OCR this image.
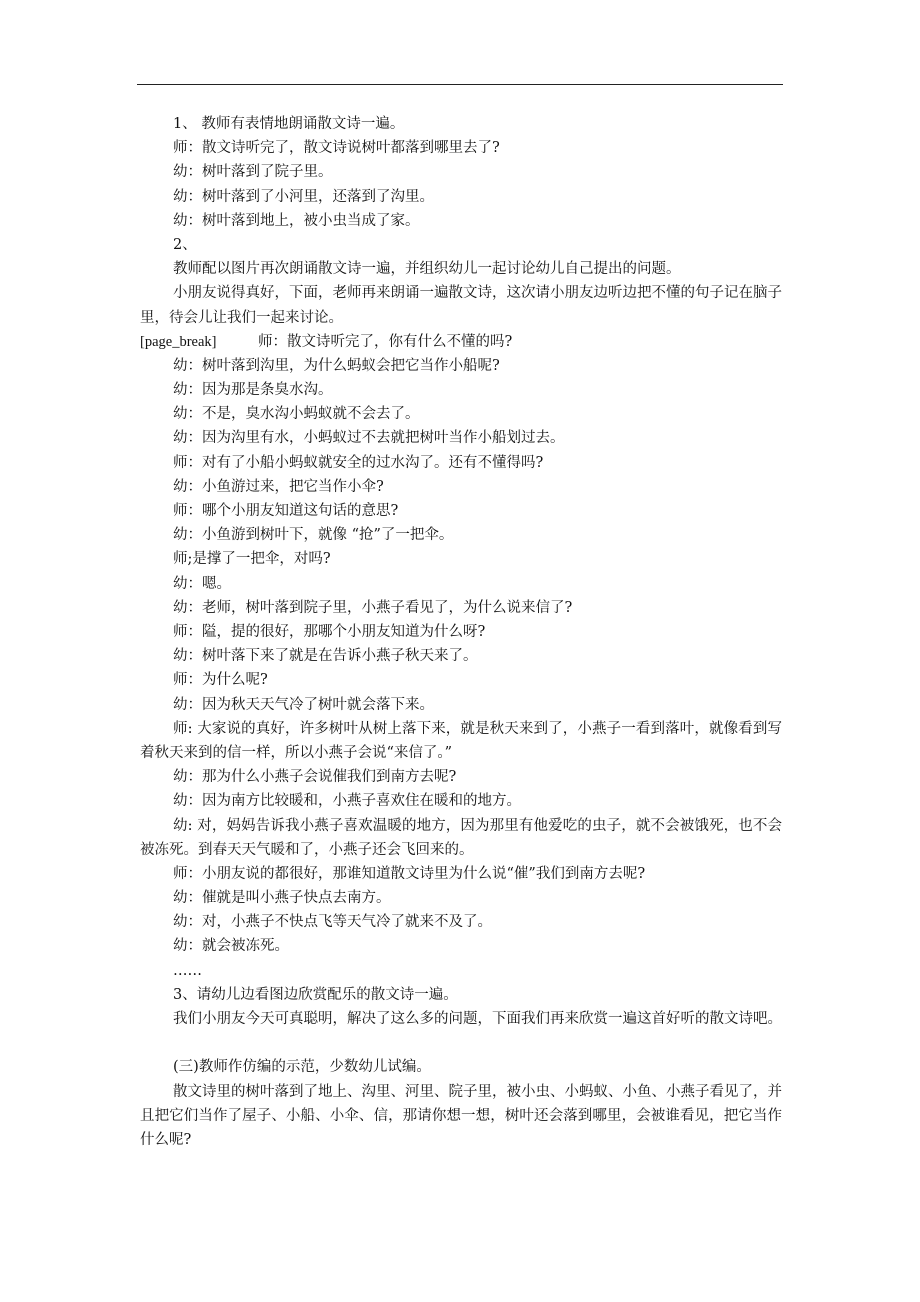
1、 教师有表情地朗诵散文诗一遍。
师：散文诗听完了，散文诗说树叶都落到哪里去了?
幼：树叶落到了院子里。
幼：树叶落到了小河里，还落到了沟里。
幼：树叶落到地上，被小虫当成了家。
2、
教师配以图片再次朗诵散文诗一遍，并组织幼儿一起讨论幼儿自己提出的问题。
小朋友说得真好，下面，老师再来朗诵一遍散文诗，这次请小朋友边听边把不懂的句子记在脑子里，待会儿让我们一起来讨论。
[page_break]	师：散文诗听完了，你有什么不懂的吗?
幼：树叶落到沟里，为什么蚂蚁会把它当作小船呢?
幼：因为那是条臭水沟。
幼：不是，臭水沟小蚂蚁就不会去了。
幼：因为沟里有水，小蚂蚁过不去就把树叶当作小船划过去。
师：对有了小船小蚂蚁就安全的过水沟了。还有不懂得吗?
幼：小鱼游过来，把它当作小伞?
师：哪个小朋友知道这句话的意思?
幼：小鱼游到树叶下，就像 “抢”了一把伞。
师;是撑了一把伞，对吗?
幼：嗯。
幼：老师，树叶落到院子里，小燕子看见了，为什么说来信了?
师：隘，提的很好，那哪个小朋友知道为什么呀?
幼：树叶落下来了就是在告诉小燕子秋天来了。
师：为什么呢?
幼：因为秋天天气冷了树叶就会落下来。
师: 大家说的真好，许多树叶从树上落下来，就是秋天来到了，小燕子一看到落叶，就像看到写着秋天来到的信一样，所以小燕子会说“来信了。”
幼：那为什么小燕子会说催我们到南方去呢?
幼：因为南方比较暖和，小燕子喜欢住在暖和的地方。
幼: 对，妈妈告诉我小燕子喜欢温暖的地方，因为那里有他爱吃的虫子，就不会被饿死，也不会被冻死。到春天天气暖和了，小燕子还会飞回来的。
师：小朋友说的都很好，那谁知道散文诗里为什么说“催”我们到南方去呢?
幼：催就是叫小燕子快点去南方。
幼：对，小燕子不快点飞等天气冷了就来不及了。
幼：就会被冻死。
……
3、请幼儿边看图边欣赏配乐的散文诗一遍。
我们小朋友今天可真聪明，解决了这么多的问题，下面我们再来欣赏一遍这首好听的散文诗吧。
(三)教师作仿编的示范，少数幼儿试编。
散文诗里的树叶落到了地上、沟里、河里、院子里，被小虫、小蚂蚁、小鱼、小燕子看见了，并且把它们当作了屋子、小船、小伞、信，那请你想一想，树叶还会落到哪里，会被谁看见，把它当作什么呢?
